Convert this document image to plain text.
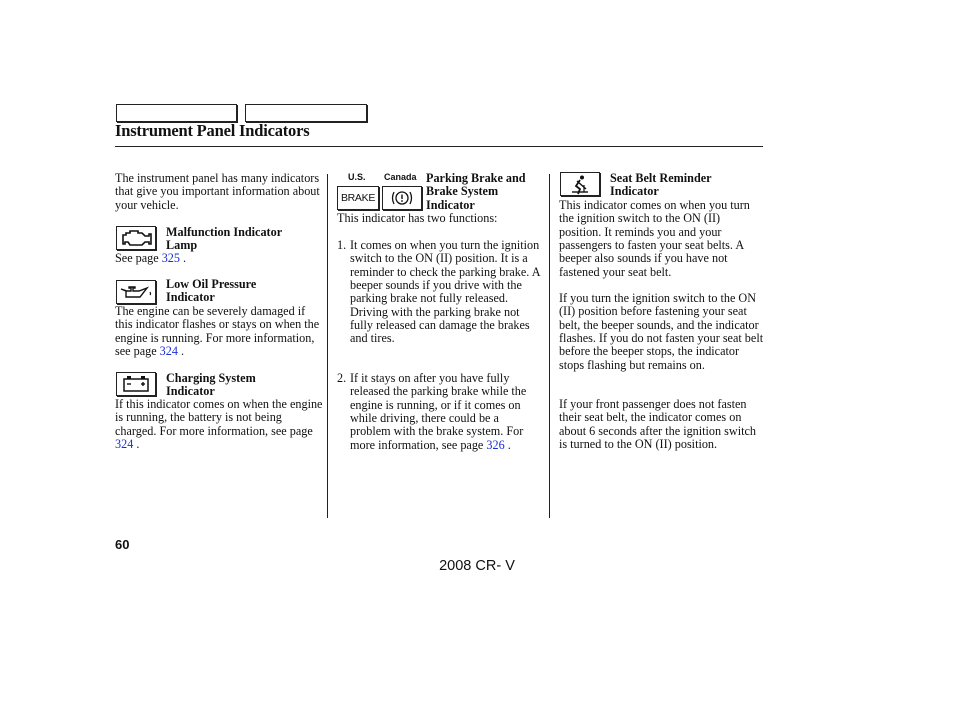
Instrument Panel Indicators
The instrument panel has many indicators that give you important information about your vehicle.
Malfunction Indicator
Lamp
See page 325 .
Low Oil Pressure
Indicator
The engine can be severely damaged if this indicator flashes or stays on when the engine is running. For more information, see page 324 .
Charging System
Indicator
If this indicator comes on when the engine is running, the battery is not being charged. For more information, see page 324 .
U.S. Canada
BRAKE
Parking Brake and
Brake System
Indicator
This indicator has two functions:
1. It comes on when you turn the ignition switch to the ON (II) position. It is a reminder to check the parking brake. A beeper sounds if you drive with the parking brake not fully released. Driving with the parking brake not fully released can damage the brakes and tires.
2. If it stays on after you have fully released the parking brake while the engine is running, or if it comes on while driving, there could be a problem with the brake system. For more information, see page 326 .
Seat Belt Reminder
Indicator
This indicator comes on when you turn the ignition switch to the ON (II) position. It reminds you and your passengers to fasten your seat belts. A beeper also sounds if you have not fastened your seat belt.
If you turn the ignition switch to the ON (II) position before fastening your seat belt, the beeper sounds, and the indicator flashes. If you do not fasten your seat belt before the beeper stops, the indicator stops flashing but remains on.
If your front passenger does not fasten their seat belt, the indicator comes on about 6 seconds after the ignition switch is turned to the ON (II) position.
60
2008 CR- V
